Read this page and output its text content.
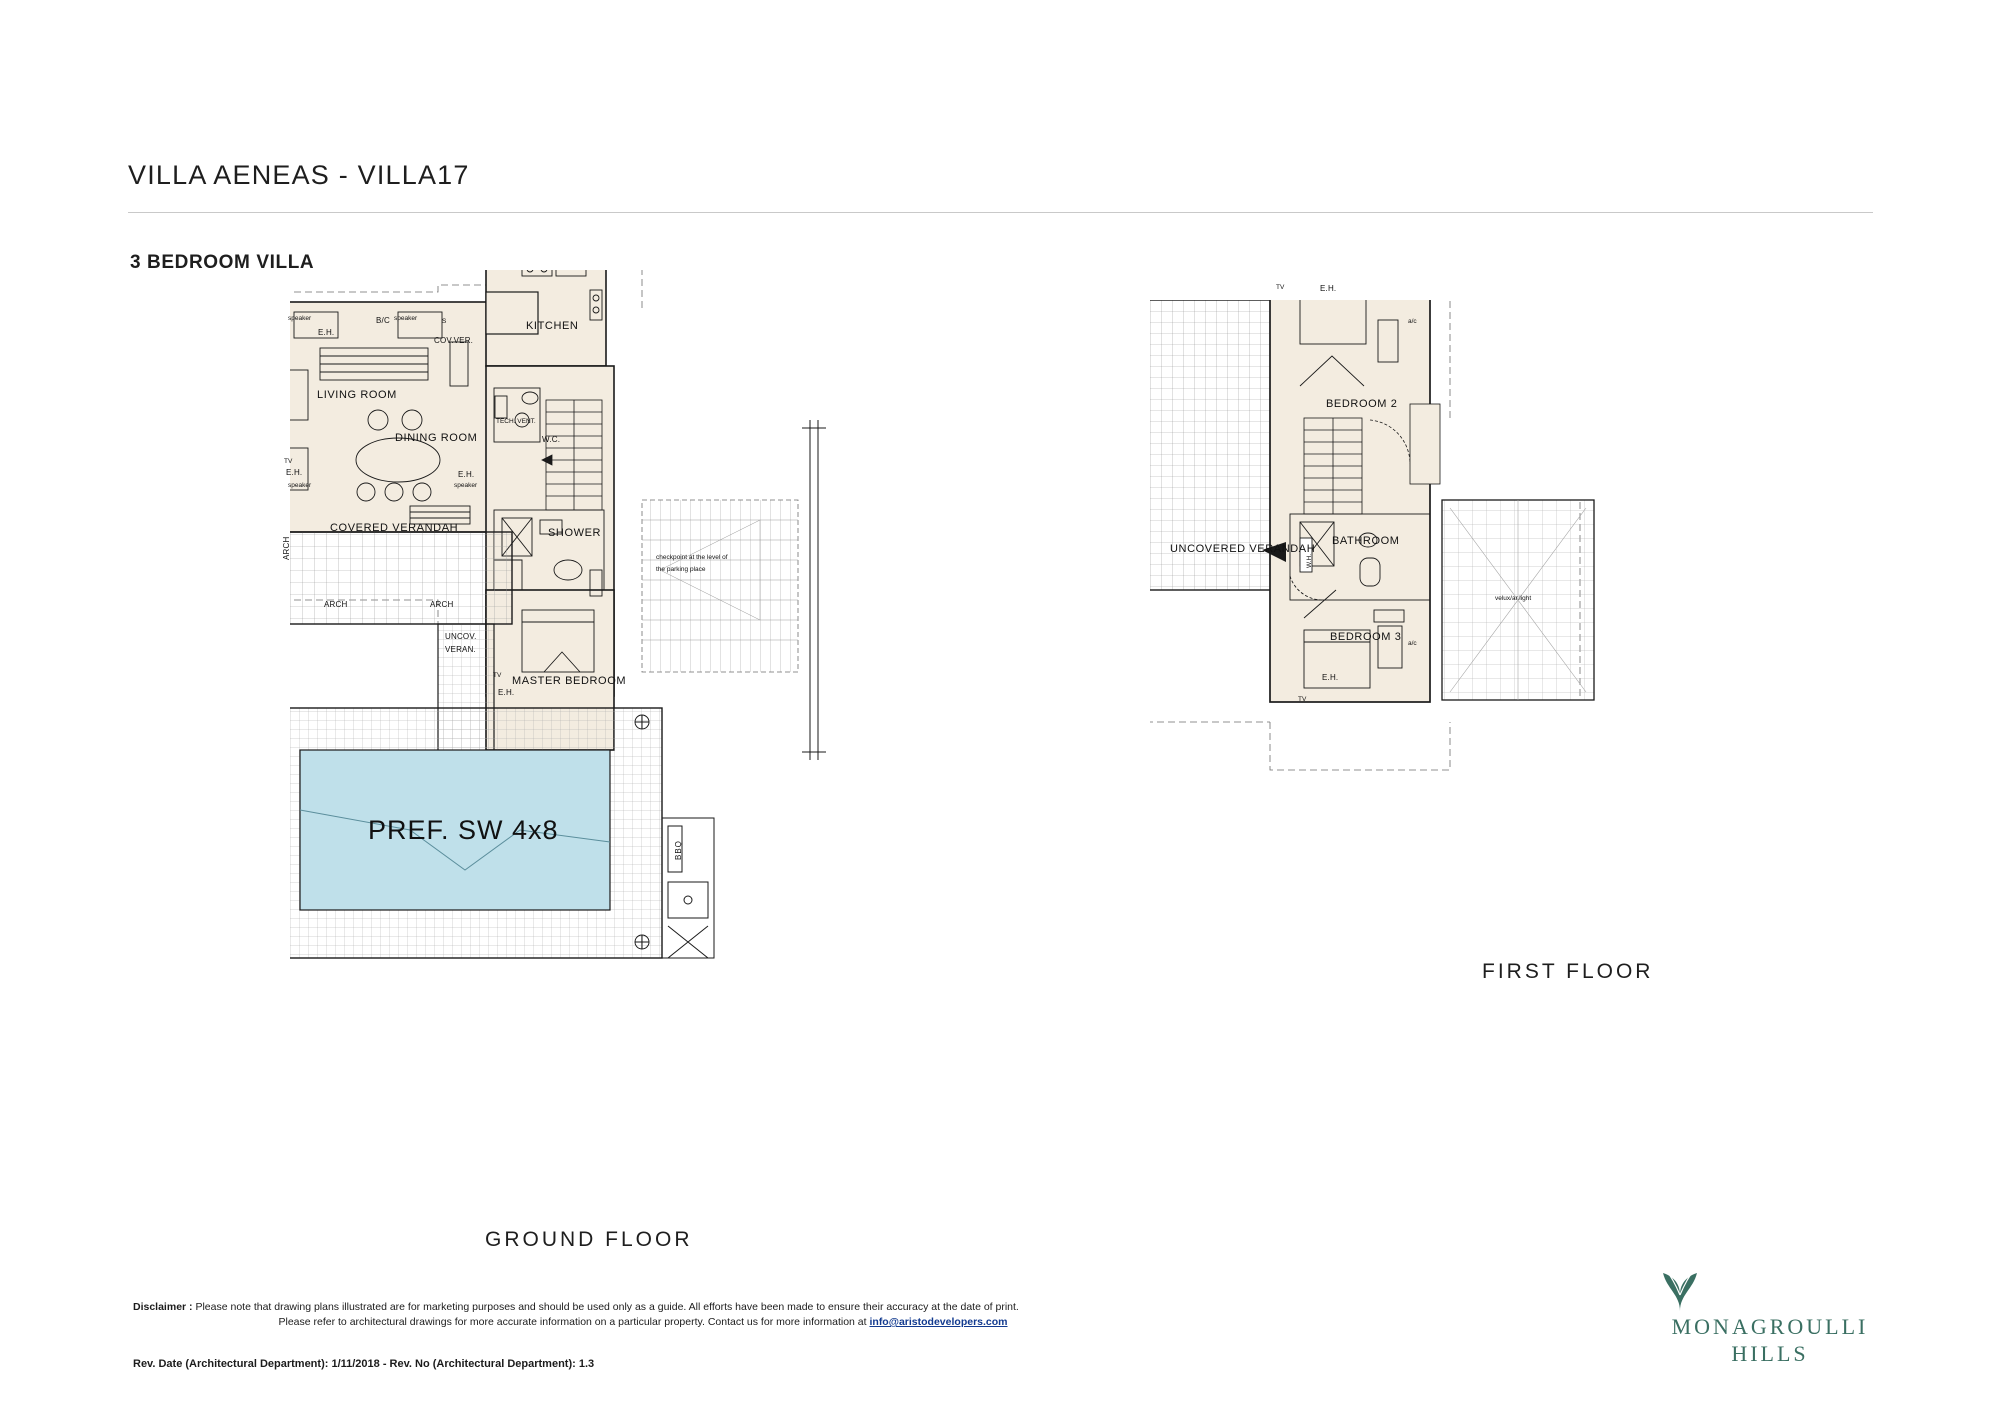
VILLA AENEAS - VILLA17
3 BEDROOM VILLA
LIVING ROOM
DINING ROOM
KITCHEN
COV.VER.
COVERED VERANDAH
UNCOV.
VERAN.
MASTER BEDROOM
SHOWER
W.C.
speaker	speaker
speaker	speaker
E.H.
E.H.	E.H.
E.H.
B/C
TECH. VENT.
ARCH
ARCH	ARCH
TV
TV
S
checkpoint at the level of
the parking place
BBQ
PREF. SW 4x8
GROUND FLOOR
BEDROOM 2
BEDROOM 3
BATHROOM
UNCOVERED VERANDAH
E.H.
E.H.
a/c
a/c
TV
TV
W.H.
velux/ar.light
FIRST FLOOR
Disclaimer : Please note that drawing plans illustrated are for marketing purposes and should be used only as a guide. All efforts have been made to ensure their accuracy at the date of print.
Please refer to architectural drawings for more accurate information on a particular property. Contact us for more information at info@aristodevelopers.com
Rev. Date (Architectural Department): 1/11/2018 - Rev. No (Architectural Department): 1.3
MONAGROULLI
HILLS
